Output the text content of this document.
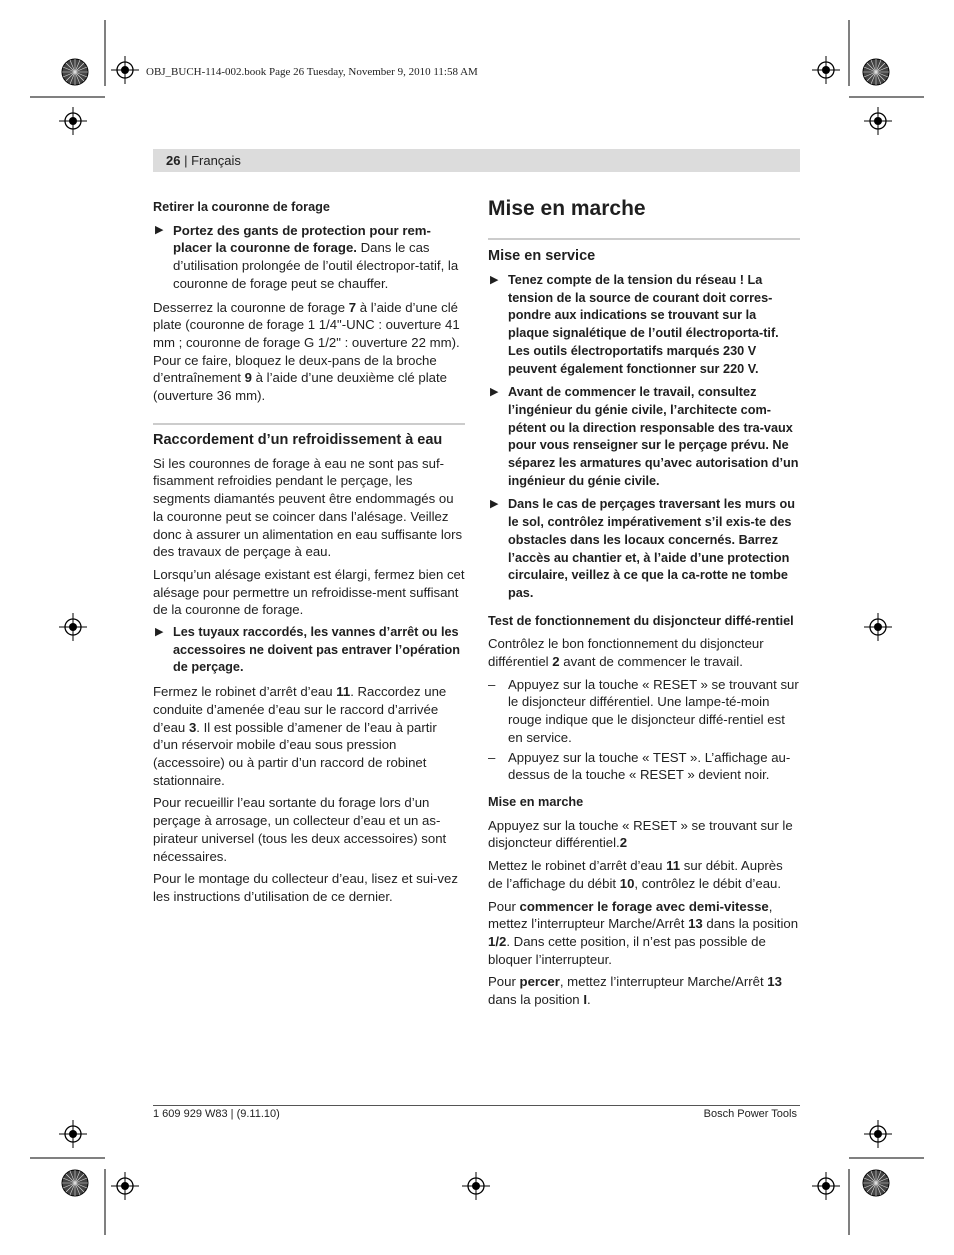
OBJ_BUCH-114-002.book Page 26 Tuesday, November 9, 2010 11:58 AM
26 | Français
Retirer la couronne de forage
▶ Portez des gants de protection pour rem-placer la couronne de forage. Dans le cas d’utilisation prolongée de l’outil électropor-tatif, la couronne de forage peut se chauffer.

Desserrez la couronne de forage 7 à l’aide d’une clé plate (couronne de forage 1 1/4"-UNC : ouverture 41 mm ; couronne de forage G 1/2" : ouverture 22 mm). Pour ce faire, bloquez le deux-pans de la broche d’entraînement 9 à l’aide d’une deuxième clé plate (ouverture 36 mm).

Raccordement d’un refroidissement à eau

Si les couronnes de forage à eau ne sont pas suf-fisamment refroidies pendant le perçage, les segments diamantés peuvent être endommagés ou la couronne peut se coincer dans l’alésage. Veillez donc à assurer un alimentation en eau suffisante lors des travaux de perçage à eau.

Lorsqu’un alésage existant est élargi, fermez bien cet alésage pour permettre un refroidisse-ment suffisant de la couronne de forage.

▶ Les tuyaux raccordés, les vannes d’arrêt ou les accessoires ne doivent pas entraver l’opération de perçage.

Fermez le robinet d’arrêt d’eau 11. Raccordez une conduite d’amenée d’eau sur le raccord d’arrivée d’eau 3. Il est possible d’amener de l’eau à partir d’un réservoir mobile d’eau sous pression (accessoire) ou à partir d’un raccord de robinet stationnaire.

Pour recueillir l’eau sortante du forage lors d’un perçage à arrosage, un collecteur d’eau et un as-pirateur universel (tous les deux accessoires) sont nécessaires.

Pour le montage du collecteur d’eau, lisez et sui-vez les instructions d’utilisation de ce dernier.

Mise en marche
Mise en service
▶ Tenez compte de la tension du réseau ! La tension de la source de courant doit corres-pondre aux indications se trouvant sur la plaque signalétique de l’outil électroporta-tif. Les outils électroportatifs marqués 230 V peuvent également fonctionner sur 220 V.
▶ Avant de commencer le travail, consultez l’ingénieur du génie civile, l’architecte com-pétent ou la direction responsable des tra-vaux pour vous renseigner sur le perçage prévu. Ne séparez les armatures qu’avec autorisation d’un ingénieur du génie civile.
▶ Dans le cas de perçages traversant les murs ou le sol, contrôlez impérativement s’il exis-te des obstacles dans les locaux concernés. Barrez l’accès au chantier et, à l’aide d’une protection circulaire, veillez à ce que la ca-rotte ne tombe pas.
Test de fonctionnement du disjoncteur diffé-rentiel

Contrôlez le bon fonctionnement du disjoncteur différentiel 2 avant de commencer le travail.

– Appuyez sur la touche « RESET » se trouvant sur le disjoncteur différentiel. Une lampe-té-moin rouge indique que le disjoncteur diffé-rentiel est en service.
– Appuyez sur la touche « TEST ». L’affichage au-dessus de la touche « RESET » devient noir.
Mise en marche

Appuyez sur la touche « RESET » se trouvant sur le disjoncteur différentiel.2

Mettez le robinet d’arrêt d’eau 11 sur débit. Auprès de l’affichage du débit 10, contrôlez le débit d’eau.

Pour commencer le forage avec demi-vitesse, mettez l’interrupteur Marche/Arrêt 13 dans la position 1/2. Dans cette position, il n’est pas possible de bloquer l’interrupteur.

Pour percer, mettez l’interrupteur Marche/Arrêt 13 dans la position I.

1 609 929 W83 | (9.11.10)	Bosch Power Tools
